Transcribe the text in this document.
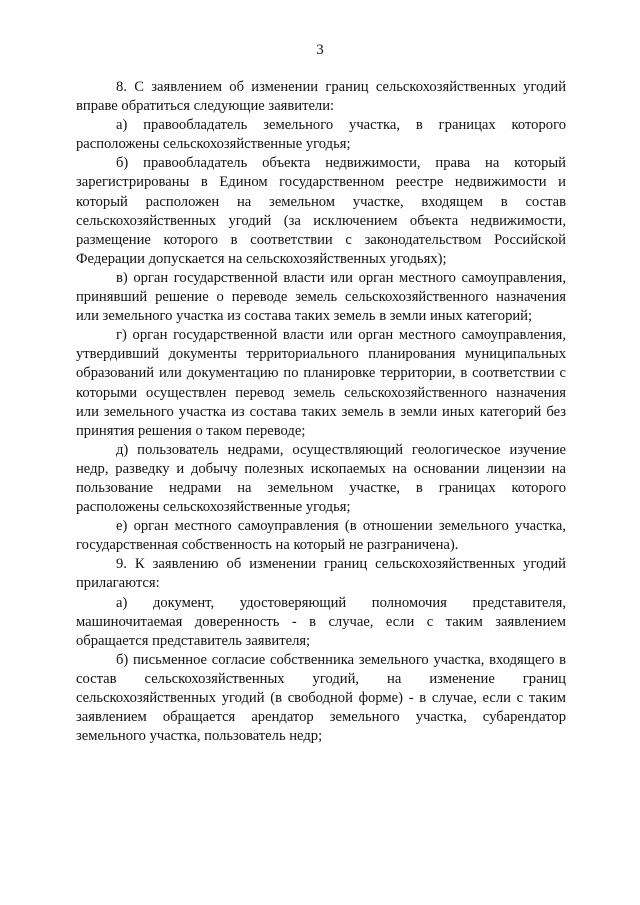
3

8. С заявлением об изменении границ сельскохозяйственных угодий вправе обратиться следующие заявители:

а) правообладатель земельного участка, в границах которого расположены сельскохозяйственные угодья;

б) правообладатель объекта недвижимости, права на который зарегистрированы в Едином государственном реестре недвижимости и который расположен на земельном участке, входящем в состав сельскохозяйственных угодий (за исключением объекта недвижимости, размещение которого в соответствии с законодательством Российской Федерации допускается на сельскохозяйственных угодьях);

в) орган государственной власти или орган местного самоуправления, принявший решение о переводе земель сельскохозяйственного назначения или земельного участка из состава таких земель в земли иных категорий;

г) орган государственной власти или орган местного самоуправления, утвердивший документы территориального планирования муниципальных образований или документацию по планировке территории, в соответствии с которыми осуществлен перевод земель сельскохозяйственного назначения или земельного участка из состава таких земель в земли иных категорий без принятия решения о таком переводе;

д) пользователь недрами, осуществляющий геологическое изучение недр, разведку и добычу полезных ископаемых на основании лицензии на пользование недрами на земельном участке, в границах которого расположены сельскохозяйственные угодья;

е) орган местного самоуправления (в отношении земельного участка, государственная собственность на который не разграничена).

9. К заявлению об изменении границ сельскохозяйственных угодий прилагаются:

а) документ, удостоверяющий полномочия представителя, машиночитаемая доверенность - в случае, если с таким заявлением обращается представитель заявителя;

б) письменное согласие собственника земельного участка, входящего в состав сельскохозяйственных угодий, на изменение границ сельскохозяйственных угодий (в свободной форме) - в случае, если с таким заявлением обращается арендатор земельного участка, субарендатор земельного участка, пользователь недр;
